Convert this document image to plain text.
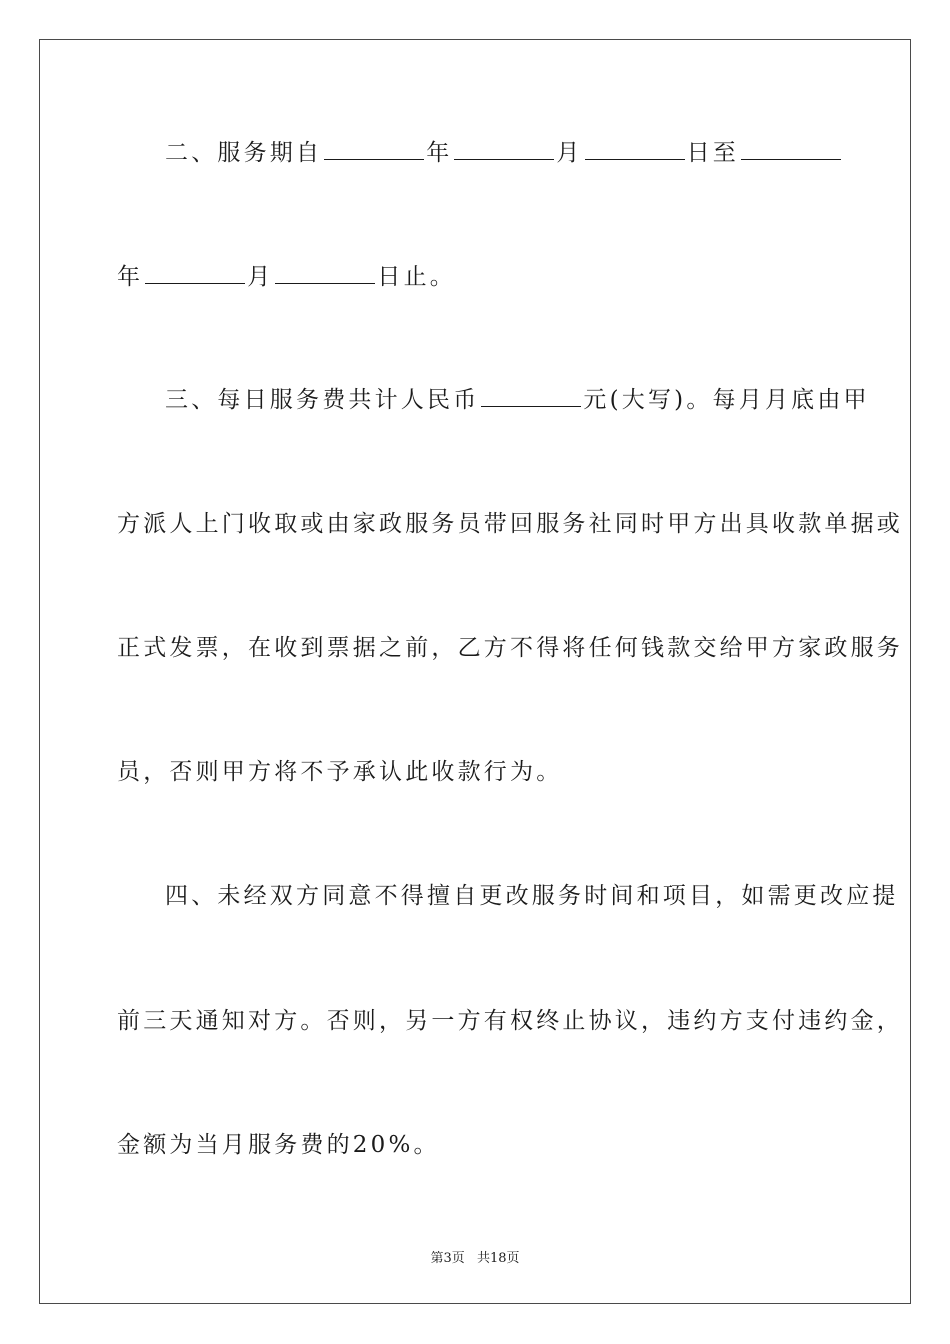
二、服务期自	年	月	日至
年	月	日止。
三、每日服务费共计人民币	元(大写)。每月月底由甲
方派人上门收取或由家政服务员带回服务社同时甲方出具收款单据或
正式发票，在收到票据之前，乙方不得将任何钱款交给甲方家政服务
员，否则甲方将不予承认此收款行为。
四、未经双方同意不得擅自更改服务时间和项目，如需更改应提
前三天通知对方。否则，另一方有权终止协议，违约方支付违约金，
金额为当月服务费的20%。
第3页 共18页
